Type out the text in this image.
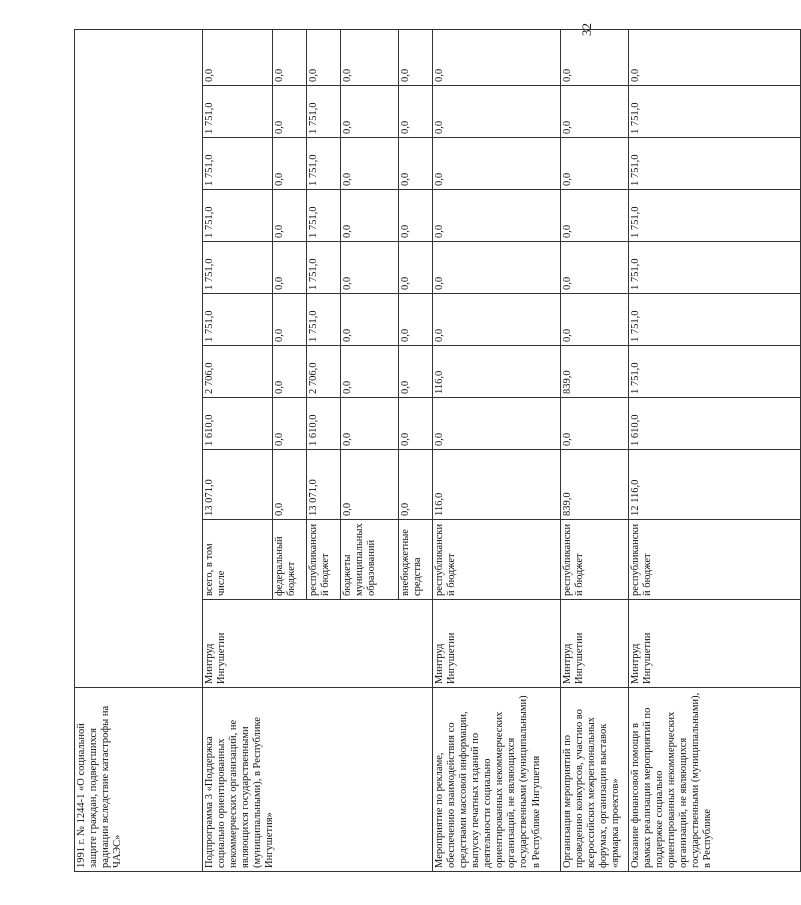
32
1991 г. № 1244-1 «О социальной защите граждан, подвергшихся радиации вследствие катастрофы на ЧАЭС»											
Подпрограмма 3 «Поддержка социально ориентированных некоммерческих организаций, не являющихся государственными (муниципальными), в Республике Ингушетия»	Минтруд Ингушетии	всего, в том числе	13 071,0	1 610,0	2 706,0	1 751,0	1 751,0	1 751,0	1 751,0	1 751,0	0,0
		федеральный бюджет	0,0	0,0	0,0	0,0	0,0	0,0	0,0	0,0	0,0
		республиканский бюджет	13 071,0	1 610,0	2 706,0	1 751,0	1 751,0	1 751,0	1 751,0	1 751,0	0,0
		бюджеты муниципальных образований	0,0	0,0	0,0	0,0	0,0	0,0	0,0	0,0	0,0
		внебюджетные средства	0,0	0,0	0,0	0,0	0,0	0,0	0,0	0,0	0,0
Мероприятие по рекламе, обеспечению взаимодействия со средствами массовой информации, выпуску печатных изданий по деятельности социально ориентированных некоммерческих организаций, не являющихся государственными (муниципальными) в Республике Ингушетия	Минтруд Ингушетии	республиканский бюджет	116,0	0,0	116,0	0,0	0,0	0,0	0,0	0,0	0,0
Организация мероприятий по проведению конкурсов, участию во всероссийских межрегиональных форумах, организации выставок «ярмарка проектов»	Минтруд Ингушетии	республиканский бюджет	839,0	0,0	839,0	0,0	0,0	0,0	0,0	0,0	0,0
Оказание финансовой помощи в рамках реализации мероприятий по поддержке социально ориентированных некоммерческих организаций, не являющихся государственными (муниципальными), в Республике	Минтруд Ингушетии	республиканский бюджет	12 116,0	1 610,0	1 751,0	1 751,0	1 751,0	1 751,0	1 751,0	1 751,0	0,0
